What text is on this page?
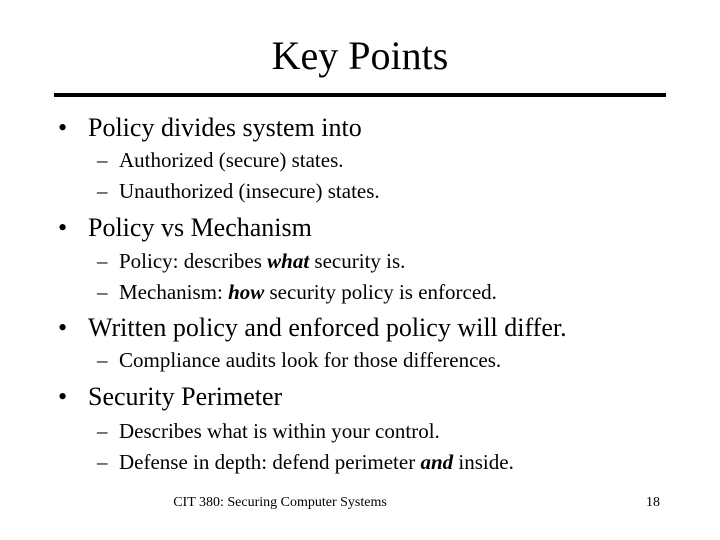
Key Points
• Policy divides system into
– Authorized (secure) states.
– Unauthorized (insecure) states.
• Policy vs Mechanism
– Policy: describes what security is.
– Mechanism: how security policy is enforced.
• Written policy and enforced policy will differ.
– Compliance audits look for those differences.
• Security Perimeter
– Describes what is within your control.
– Defense in depth: defend perimeter and inside.
CIT 380: Securing Computer Systems	18
